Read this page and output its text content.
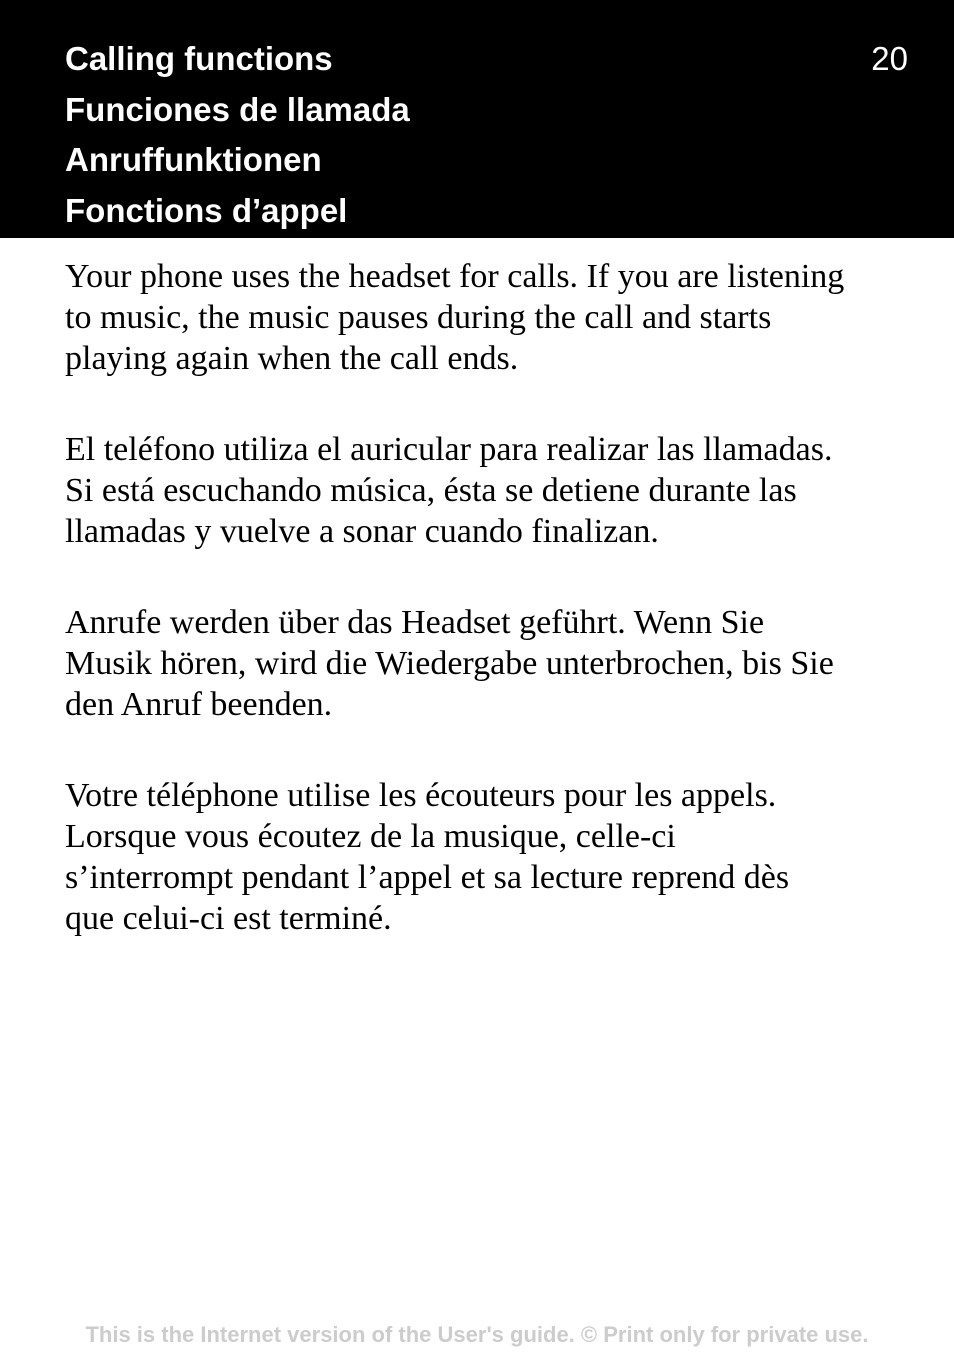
Calling functions
Funciones de llamada
Anruffunktionen
Fonctions d’appel
20

Your phone uses the headset for calls. If you are listening
to music, the music pauses during the call and starts
playing again when the call ends.

El teléfono utiliza el auricular para realizar las llamadas.
Si está escuchando música, ésta se detiene durante las
llamadas y vuelve a sonar cuando finalizan.

Anrufe werden über das Headset geführt. Wenn Sie
Musik hören, wird die Wiedergabe unterbrochen, bis Sie
den Anruf beenden.

Votre téléphone utilise les écouteurs pour les appels.
Lorsque vous écoutez de la musique, celle-ci
s’interrompt pendant l’appel et sa lecture reprend dès
que celui-ci est terminé.

This is the Internet version of the User's guide. © Print only for private use.
